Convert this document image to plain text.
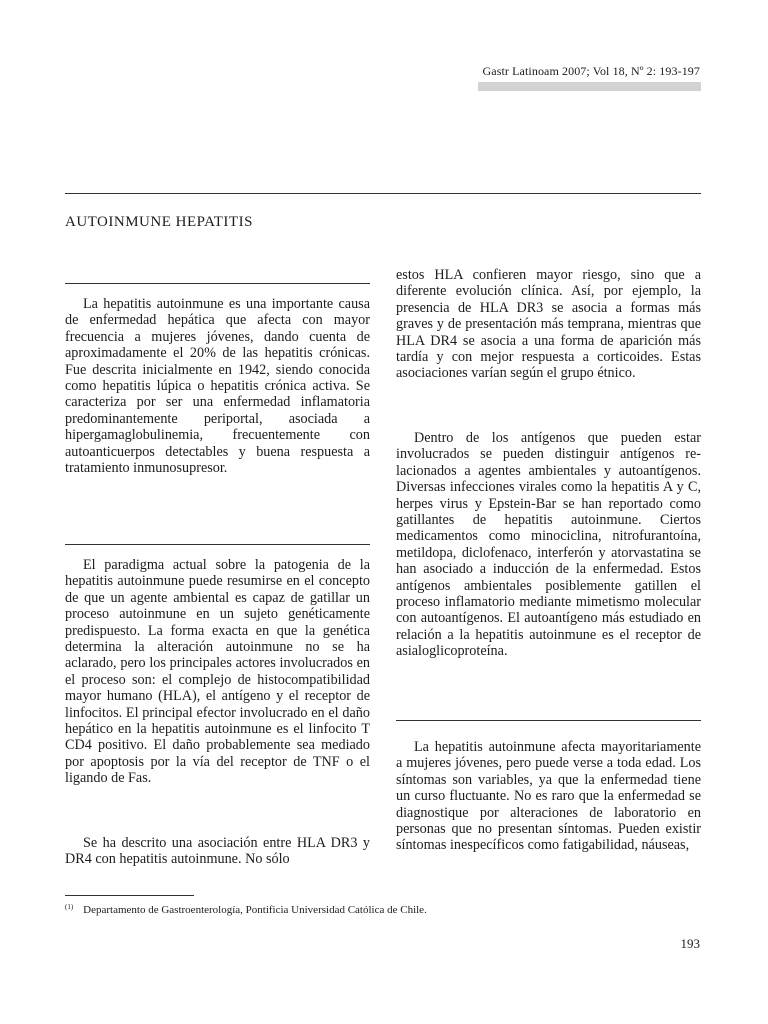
Gastr Latinoam 2007; Vol 18, Nº 2: 193-197
AUTOINMUNE HEPATITIS

La hepatitis autoinmune es una importante causa de enfermedad hepática que afecta con mayor frecuencia a mujeres jóvenes, dando cuenta de aproximadamente el 20% de las hepatitis crónicas. Fue descrita inicialmente en 1942, siendo conocida como hepatitis lúpica o hepatitis crónica activa. Se caracteriza por ser una enfermedad inflamatoria predominantemente periportal, asociada a hipergamaglobulinemia, frecuentemente con autoanticuerpos detectables y buena respuesta a tratamiento inmunosupresor.

El paradigma actual sobre la patogenia de la hepatitis autoinmune puede resumirse en el concepto de que un agente ambiental es capaz de gatillar un proceso autoinmune en un sujeto genéticamente predispuesto. La forma exacta en que la genética determina la alteración autoinmune no se ha aclarado, pero los principales actores involucrados en el proceso son: el complejo de histocompatibilidad mayor humano (HLA), el antígeno y el receptor de linfocitos. El principal efector involucrado en el daño hepático en la hepatitis autoinmune es el linfocito T CD4 positivo. El daño probablemente sea mediado por apoptosis por la vía del receptor de TNF o el ligando de Fas.

Se ha descrito una asociación entre HLA DR3 y DR4 con hepatitis autoinmune. No sólo

estos HLA confieren mayor riesgo, sino que a diferente evolución clínica. Así, por ejemplo, la presencia de HLA DR3 se asocia a formas más graves y de presentación más temprana, mientras que HLA DR4 se asocia a una forma de aparición más tardía y con mejor respuesta a corticoides. Estas asociaciones varían según el grupo étnico.

Dentro de los antígenos que pueden estar involucrados se pueden distinguir antígenos relacionados a agentes ambientales y autoantígenos. Diversas infecciones virales como la hepatitis A y C, herpes virus y Epstein-Bar se han reportado como gatillantes de hepatitis autoinmune. Ciertos medicamentos como minociclina, nitrofurantoína, metildopa, diclofenaco, interferón y atorvastatina se han asociado a inducción de la enfermedad. Estos antígenos ambientales posiblemente gatillen el proceso inflamatorio mediante mimetismo molecular con autoantígenos. El autoantígeno más estudiado en relación a la hepatitis autoinmune es el receptor de asialoglicoproteína.

La hepatitis autoinmune afecta mayoritariamente a mujeres jóvenes, pero puede verse a toda edad. Los síntomas son variables, ya que la enfermedad tiene un curso fluctuante. No es raro que la enfermedad se diagnostique por alteraciones de laboratorio en personas que no presentan síntomas. Pueden existir síntomas inespecíficos como fatigabilidad, náuseas,

$^{(1)}$ Departamento de Gastroenterología, Pontificia Universidad Católica de Chile.
193
